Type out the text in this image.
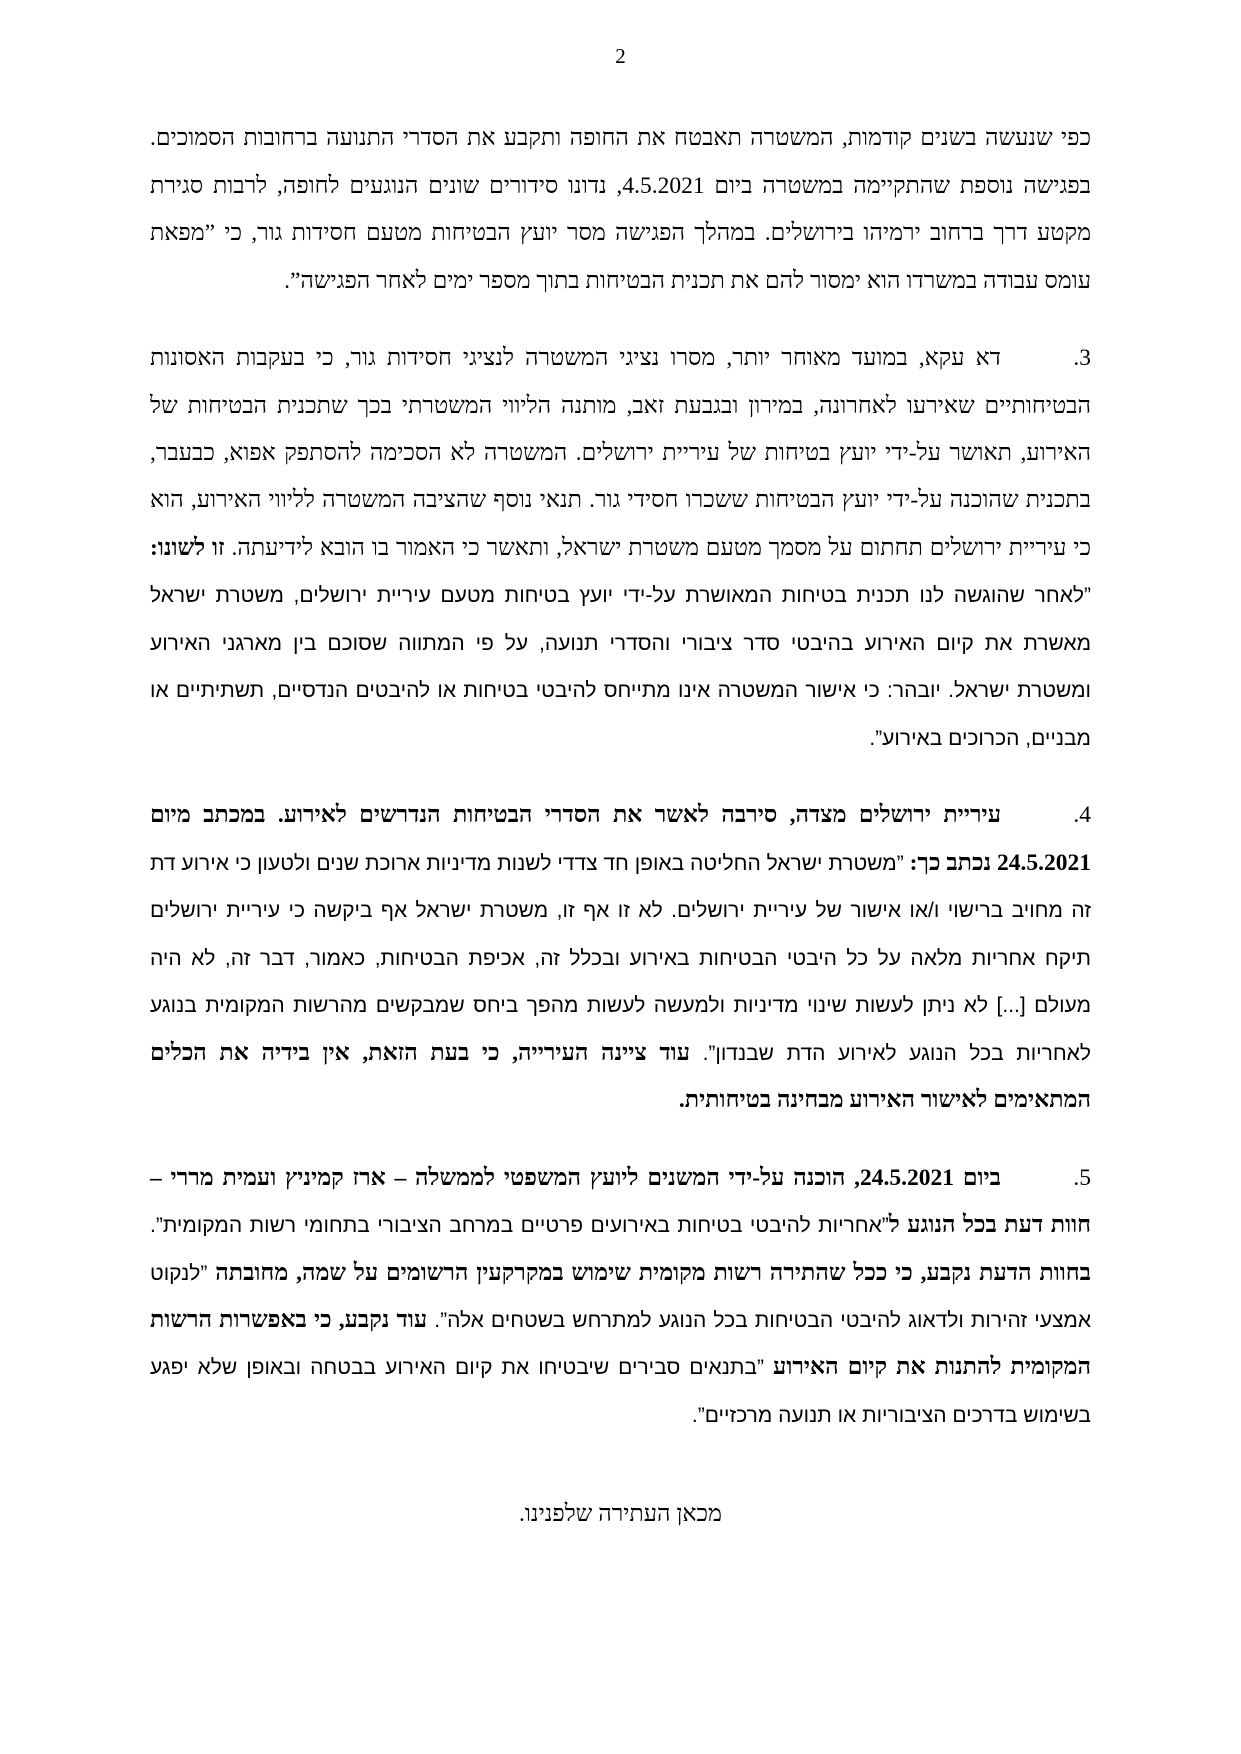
2

כפי שנעשה בשנים קודמות, המשטרה תאבטח את החופה ותקבע את הסדרי התנועה ברחובות הסמוכים. בפגישה נוספת שהתקיימה במשטרה ביום 4.5.2021, נדונו סידורים שונים הנוגעים לחופה, לרבות סגירת מקטע דרך ברחוב ירמיהו בירושלים. במהלך הפגישה מסר יועץ הבטיחות מטעם חסידות גור, כי ”מפאת עומס עבודה במשרדו הוא ימסור להם את תכנית הבטיחות בתוך מספר ימים לאחר הפגישה”.

.3
דא עקא, במועד מאוחר יותר, מסרו נציגי המשטרה לנציגי חסידות גור, כי בעקבות האסונות הבטיחותיים שאירעו לאחרונה, במירון ובגבעת זאב, מותנה הליווי המשטרתי בכך שתכנית הבטיחות של האירוע, תאושר על-ידי יועץ בטיחות של עיריית ירושלים. המשטרה לא הסכימה להסתפק אפוא, כבעבר, בתכנית שהוכנה על-ידי יועץ הבטיחות ששכרו חסידי גור. תנאי נוסף שהציבה המשטרה לליווי האירוע, הוא כי עיריית ירושלים תחתום על מסמך מטעם משטרת ישראל, ותאשר כי האמור בו הובא לידיעתה. זו לשונו: ”לאחר שהוגשה לנו תכנית בטיחות המאושרת על-ידי יועץ בטיחות מטעם עיריית ירושלים, משטרת ישראל מאשרת את קיום האירוע בהיבטי סדר ציבורי והסדרי תנועה, על פי המתווה שסוכם בין מארגני האירוע ומשטרת ישראל. יובהר: כי אישור המשטרה אינו מתייחס להיבטי בטיחות או להיבטים הנדסיים, תשתיתיים או מבניים, הכרוכים באירוע”.
.4
עיריית ירושלים מצדה, סירבה לאשר את הסדרי הבטיחות הנדרשים לאירוע. במכתב מיום 24.5.2021 נכתב כך: ”משטרת ישראל החליטה באופן חד צדדי לשנות מדיניות ארוכת שנים ולטעון כי אירוע דת זה מחויב ברישוי ו/או אישור של עיריית ירושלים. לא זו אף זו, משטרת ישראל אף ביקשה כי עיריית ירושלים תיקח אחריות מלאה על כל היבטי הבטיחות באירוע ובכלל זה, אכיפת הבטיחות, כאמור, דבר זה, לא היה מעולם [...] לא ניתן לעשות שינוי מדיניות ולמעשה לעשות מהפך ביחס שמבקשים מהרשות המקומית בנוגע לאחריות בכל הנוגע לאירוע הדת שבנדון”. עוד ציינה העירייה, כי בעת הזאת, אין בידיה את הכלים המתאימים לאישור האירוע מבחינה בטיחותית.
.5
ביום 24.5.2021, הוכנה על-ידי המשנים ליועץ המשפטי לממשלה – ארז קמיניץ ועמית מררי – חוות דעת בכל הנוגע ל”אחריות להיבטי בטיחות באירועים פרטיים במרחב הציבורי בתחומי רשות המקומית”. בחוות הדעת נקבע, כי ככל שהתירה רשות מקומית שימוש במקרקעין הרשומים על שמה, מחובתה ”לנקוט אמצעי זהירות ולדאוג להיבטי הבטיחות בכל הנוגע למתרחש בשטחים אלה”. עוד נקבע, כי באפשרות הרשות המקומית להתנות את קיום האירוע ”בתנאים סבירים שיבטיחו את קיום האירוע בבטחה ובאופן שלא יפגע בשימוש בדרכים הציבוריות או תנועה מרכזיים”.
מכאן העתירה שלפנינו.
